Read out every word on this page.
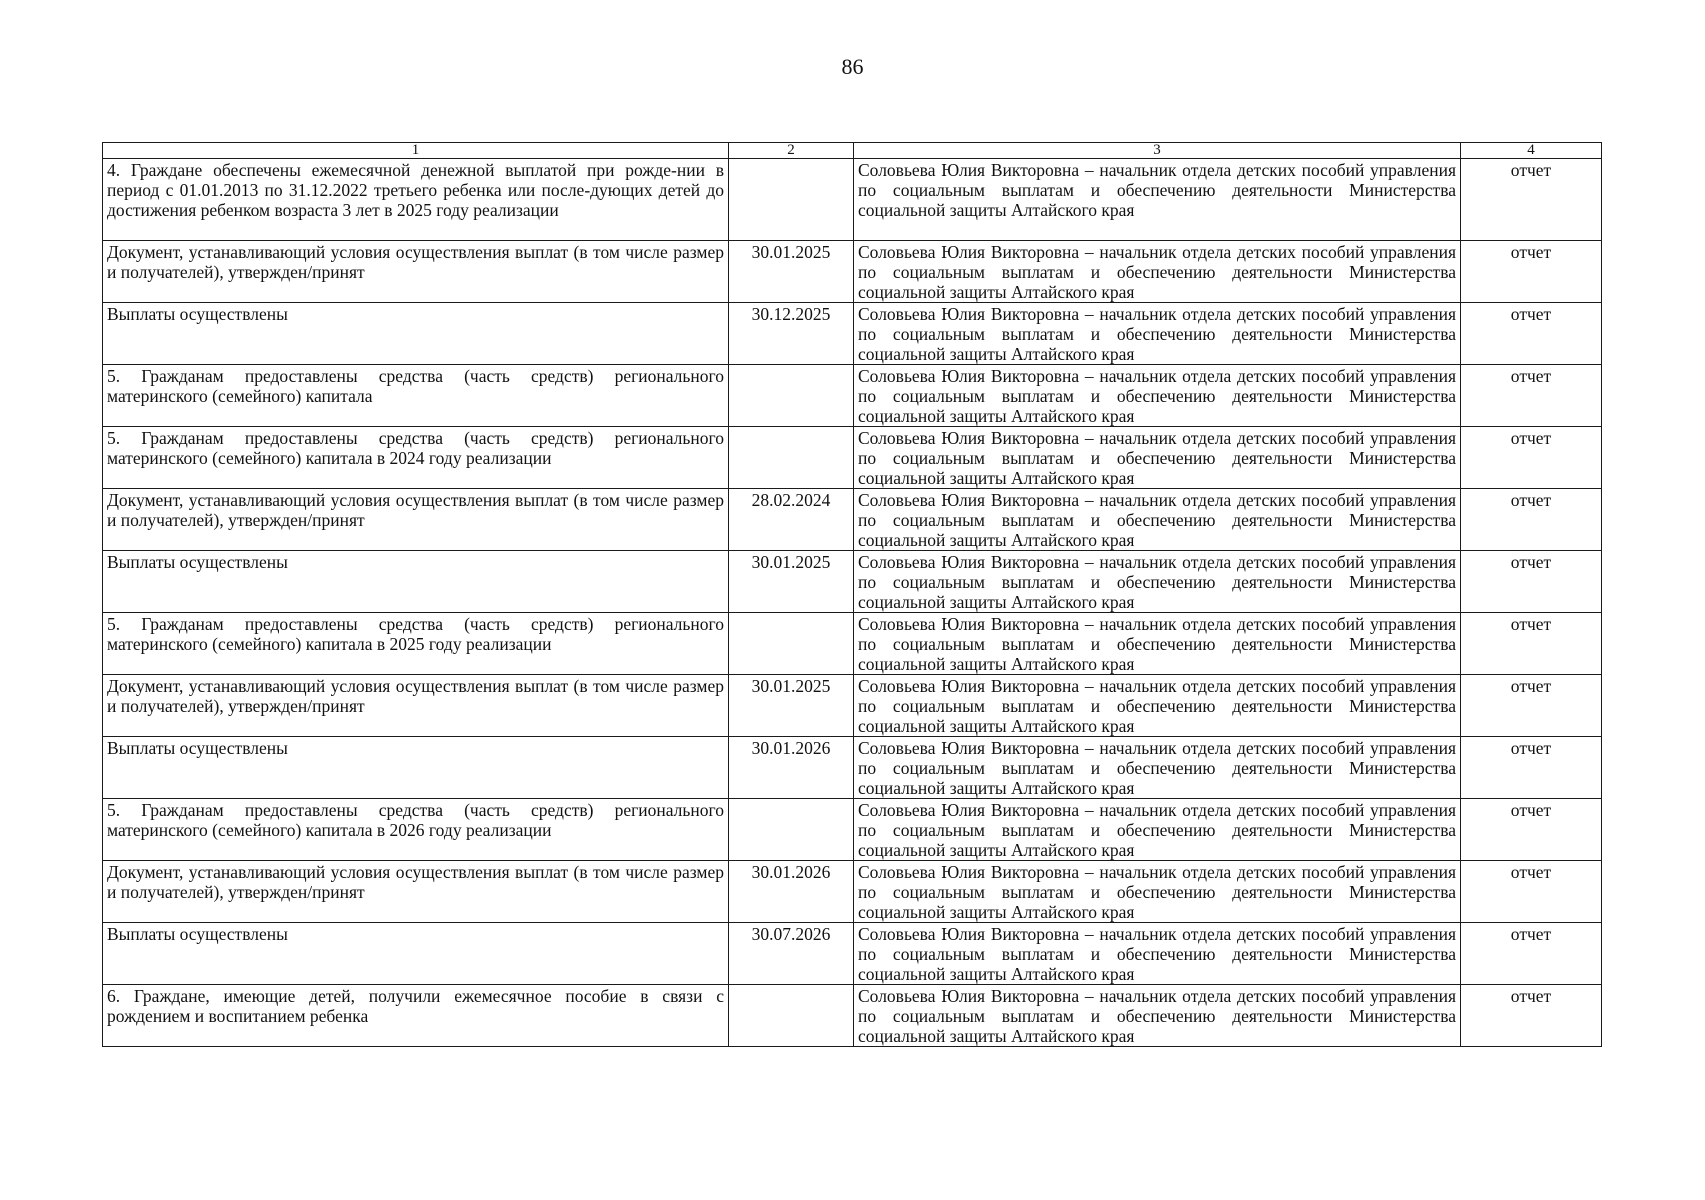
86
1	2	3	4
4. Граждане обеспечены ежемесячной денежной выплатой при рожде-нии в период с 01.01.2013 по 31.12.2022 третьего ребенка или после-дующих детей до достижения ребенком возраста 3 лет в 2025 году реализации		Соловьева Юлия Викторовна – начальник отдела детских пособий управления по социальным выплатам и обеспечению деятельности Министерства социальной защиты Алтайского края	отчет
Документ, устанавливающий условия осуществления выплат (в том числе размер и получателей), утвержден/принят	30.01.2025	Соловьева Юлия Викторовна – начальник отдела детских пособий управления по социальным выплатам и обеспечению деятельности Министерства социальной защиты Алтайского края	отчет
Выплаты осуществлены	30.12.2025	Соловьева Юлия Викторовна – начальник отдела детских пособий управления по социальным выплатам и обеспечению деятельности Министерства социальной защиты Алтайского края	отчет
5. Гражданам предоставлены средства (часть средств) регионального материнского (семейного) капитала		Соловьева Юлия Викторовна – начальник отдела детских пособий управления по социальным выплатам и обеспечению деятельности Министерства социальной защиты Алтайского края	отчет
5. Гражданам предоставлены средства (часть средств) регионального материнского (семейного) капитала в 2024 году реализации		Соловьева Юлия Викторовна – начальник отдела детских пособий управления по социальным выплатам и обеспечению деятельности Министерства социальной защиты Алтайского края	отчет
Документ, устанавливающий условия осуществления выплат (в том числе размер и получателей), утвержден/принят	28.02.2024	Соловьева Юлия Викторовна – начальник отдела детских пособий управления по социальным выплатам и обеспечению деятельности Министерства социальной защиты Алтайского края	отчет
Выплаты осуществлены	30.01.2025	Соловьева Юлия Викторовна – начальник отдела детских пособий управления по социальным выплатам и обеспечению деятельности Министерства социальной защиты Алтайского края	отчет
5. Гражданам предоставлены средства (часть средств) регионального материнского (семейного) капитала в 2025 году реализации		Соловьева Юлия Викторовна – начальник отдела детских пособий управления по социальным выплатам и обеспечению деятельности Министерства социальной защиты Алтайского края	отчет
Документ, устанавливающий условия осуществления выплат (в том числе размер и получателей), утвержден/принят	30.01.2025	Соловьева Юлия Викторовна – начальник отдела детских пособий управления по социальным выплатам и обеспечению деятельности Министерства социальной защиты Алтайского края	отчет
Выплаты осуществлены	30.01.2026	Соловьева Юлия Викторовна – начальник отдела детских пособий управления по социальным выплатам и обеспечению деятельности Министерства социальной защиты Алтайского края	отчет
5. Гражданам предоставлены средства (часть средств) регионального материнского (семейного) капитала в 2026 году реализации		Соловьева Юлия Викторовна – начальник отдела детских пособий управления по социальным выплатам и обеспечению деятельности Министерства социальной защиты Алтайского края	отчет
Документ, устанавливающий условия осуществления выплат (в том числе размер и получателей), утвержден/принят	30.01.2026	Соловьева Юлия Викторовна – начальник отдела детских пособий управления по социальным выплатам и обеспечению деятельности Министерства социальной защиты Алтайского края	отчет
Выплаты осуществлены	30.07.2026	Соловьева Юлия Викторовна – начальник отдела детских пособий управления по социальным выплатам и обеспечению деятельности Министерства социальной защиты Алтайского края	отчет
6. Граждане, имеющие детей, получили ежемесячное пособие в связи с рождением и воспитанием ребенка		Соловьева Юлия Викторовна – начальник отдела детских пособий управления по социальным выплатам и обеспечению деятельности Министерства социальной защиты Алтайского края	отчет
